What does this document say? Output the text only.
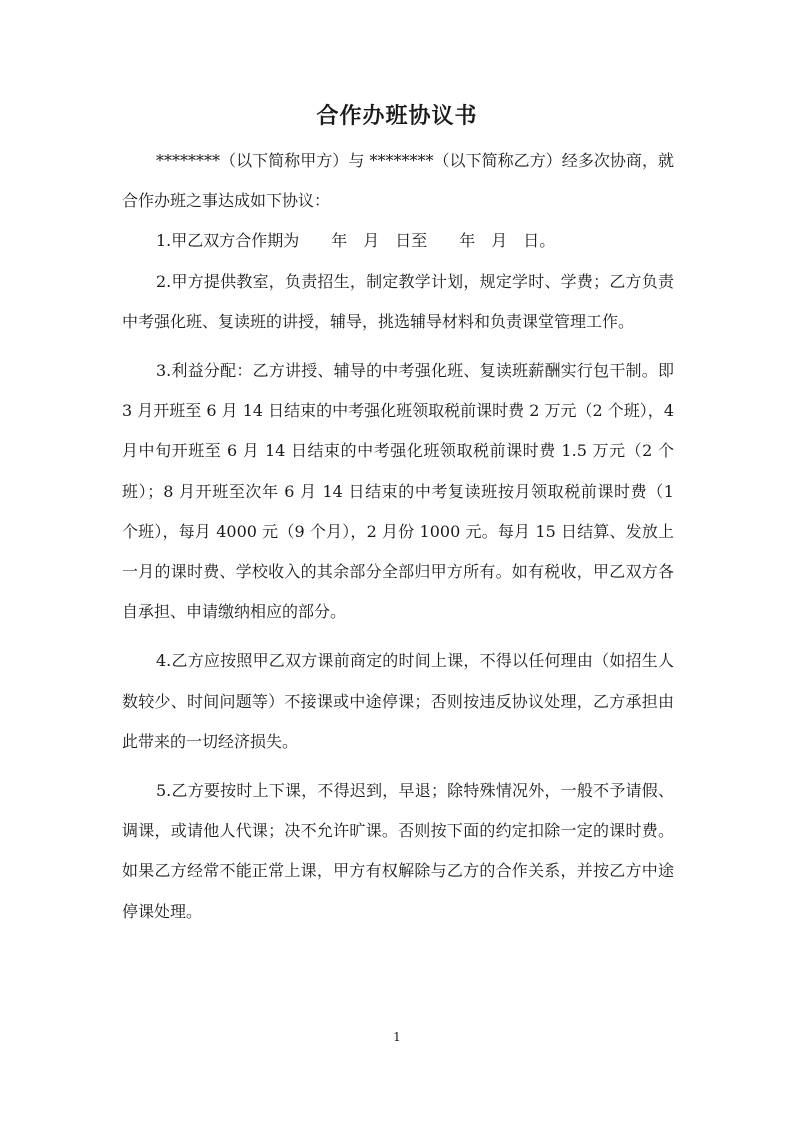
合作办班协议书

********（以下简称甲方）与 ********（以下简称乙方）经多次协商，就合作办班之事达成如下协议：

1.甲乙双方合作期为　　年　月　日至　　年　月　日。

2.甲方提供教室，负责招生，制定教学计划，规定学时、学费；乙方负责中考强化班、复读班的讲授，辅导，挑选辅导材料和负责课堂管理工作。

3.利益分配：乙方讲授、辅导的中考强化班、复读班薪酬实行包干制。即 3 月开班至 6 月 14 日结束的中考强化班领取税前课时费 2 万元（2 个班），4 月中旬开班至 6 月 14 日结束的中考强化班领取税前课时费 1.5 万元（2 个班）；8 月开班至次年 6 月 14 日结束的中考复读班按月领取税前课时费（1 个班），每月 4000 元（9 个月），2 月份 1000 元。每月 15 日结算、发放上一月的课时费、学校收入的其余部分全部归甲方所有。如有税收，甲乙双方各自承担、申请缴纳相应的部分。

4.乙方应按照甲乙双方课前商定的时间上课，不得以任何理由（如招生人数较少、时间问题等）不接课或中途停课；否则按违反协议处理，乙方承担由此带来的一切经济损失。

5.乙方要按时上下课，不得迟到，早退；除特殊情况外，一般不予请假、调课，或请他人代课；决不允许旷课。否则按下面的约定扣除一定的课时费。如果乙方经常不能正常上课，甲方有权解除与乙方的合作关系，并按乙方中途停课处理。

1
